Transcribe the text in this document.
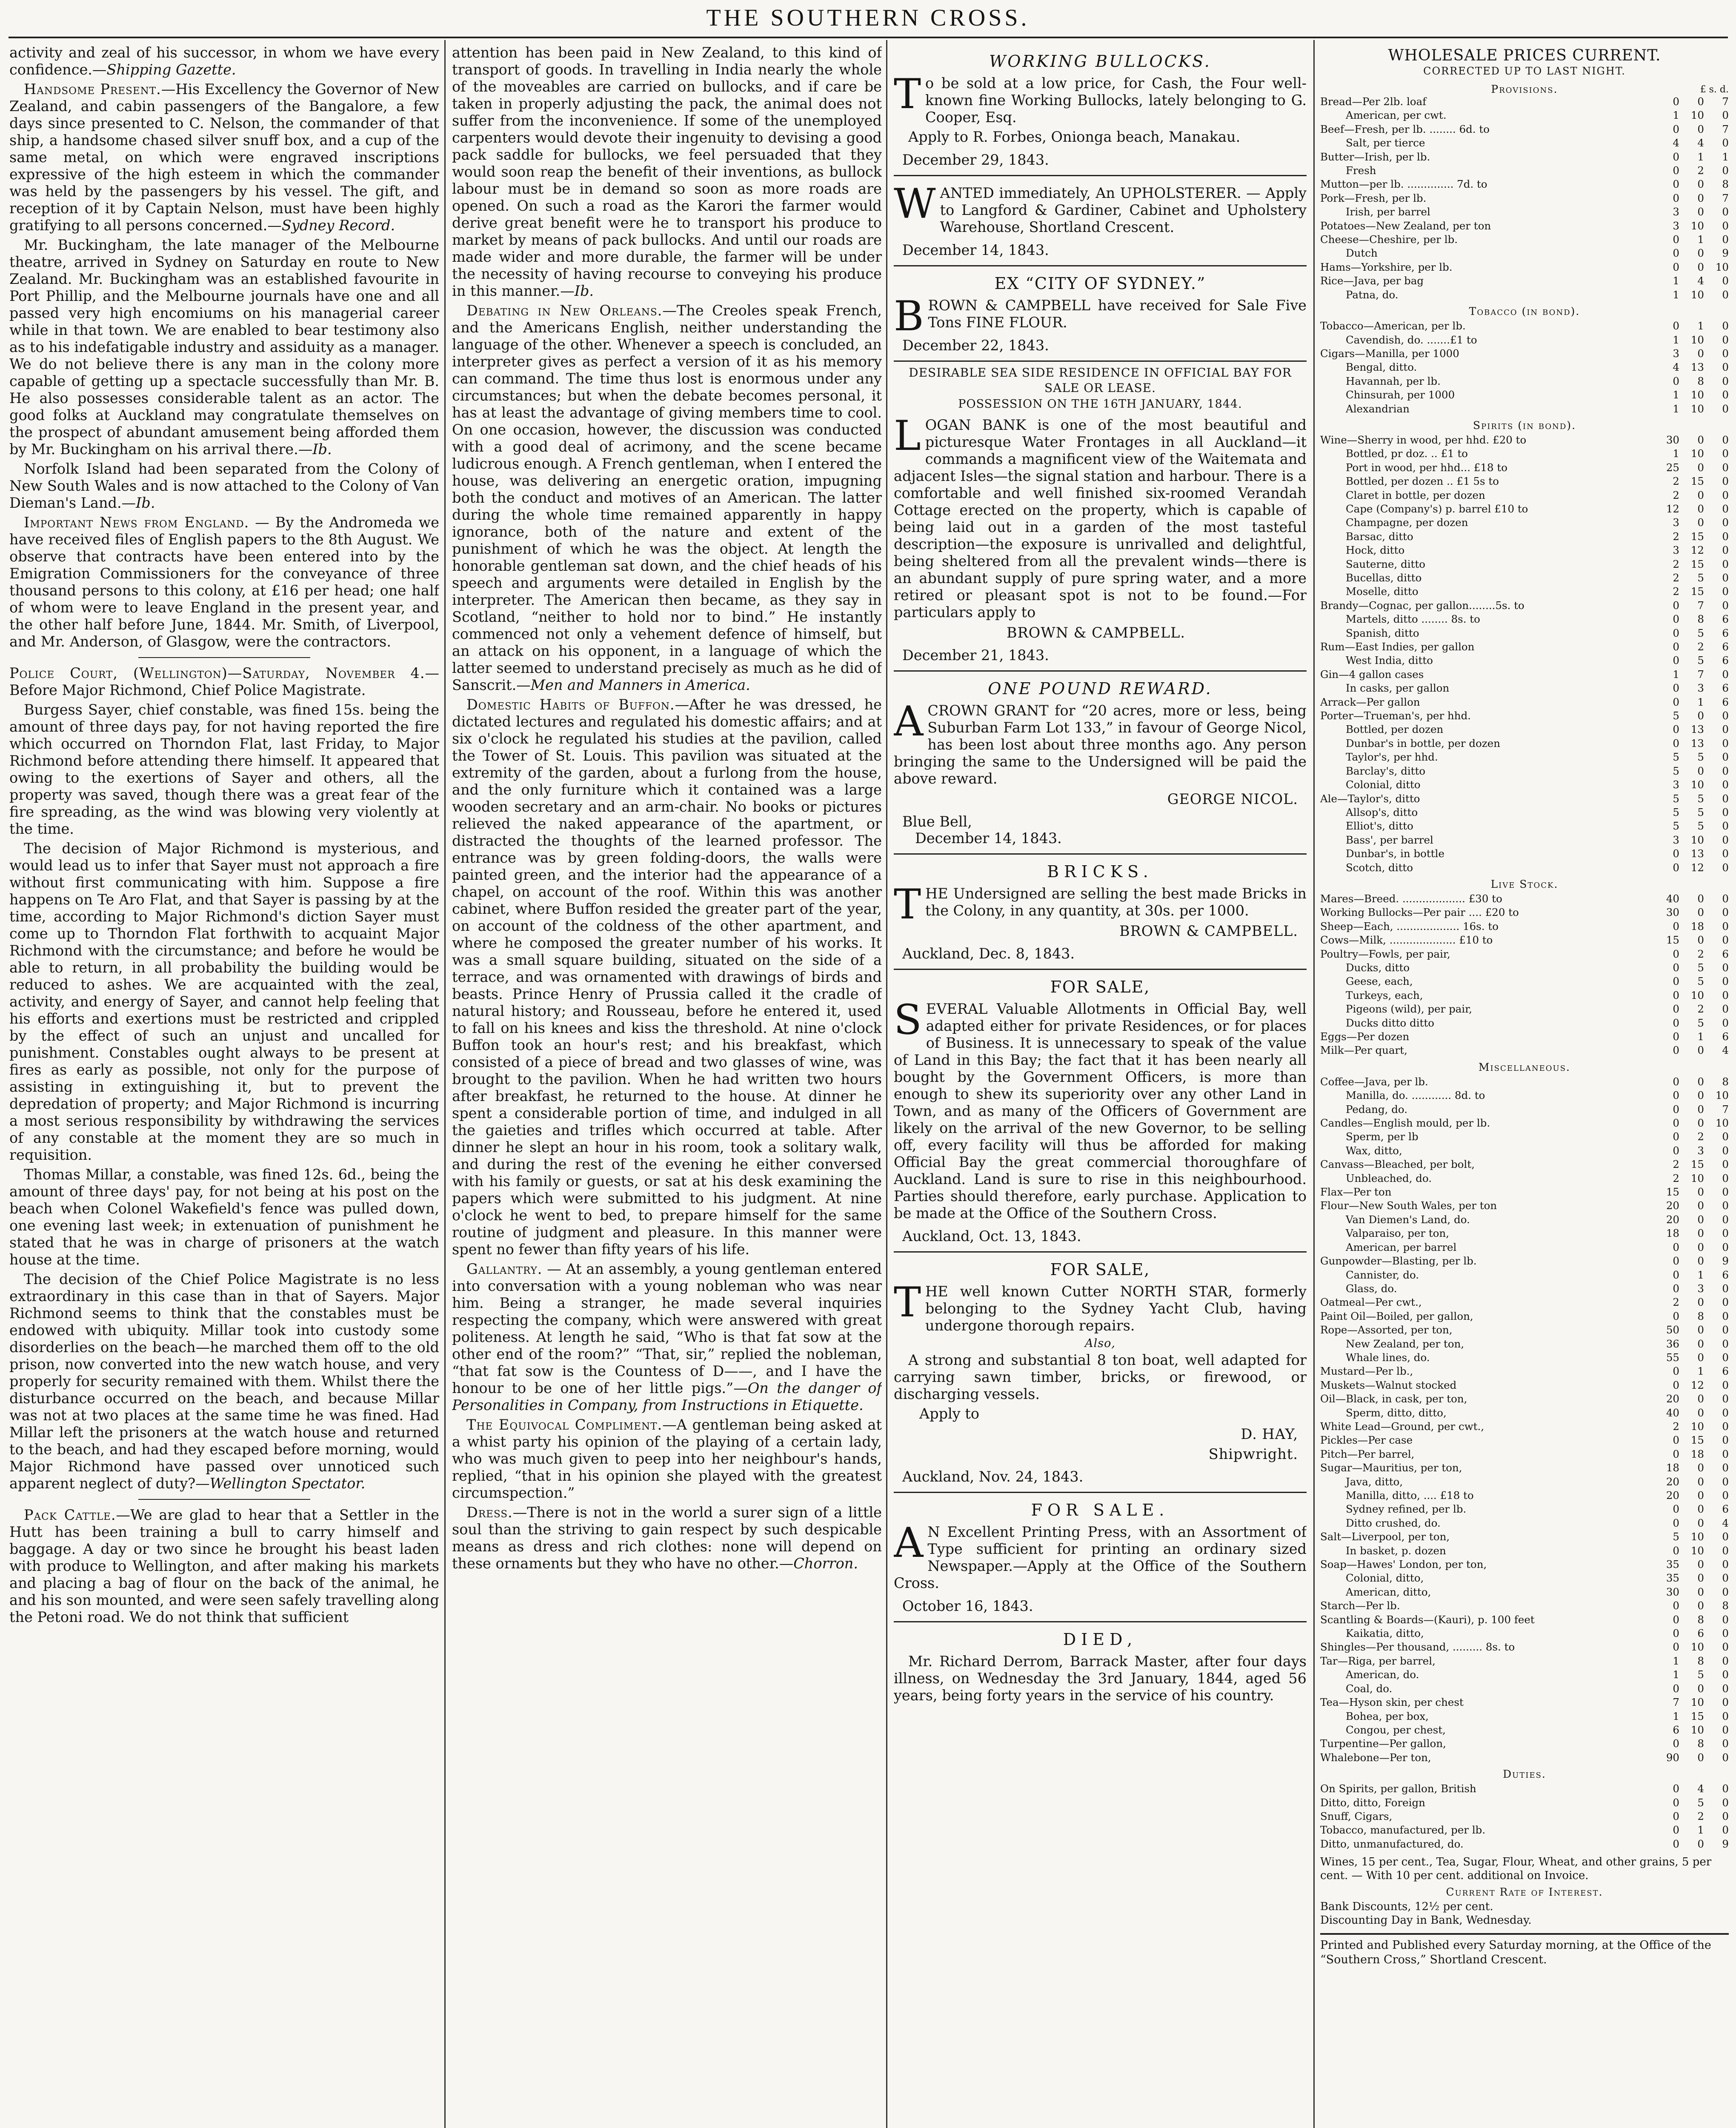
THE SOUTHERN CROSS.

activity and zeal of his successor, in whom we have every confidence.—Shipping Gazette.

Handsome Present.—His Excellency the Governor of New Zealand, and cabin passengers of the Bangalore, a few days since presented to C. Nelson, the commander of that ship, a handsome chased silver snuff box, and a cup of the same metal, on which were engraved inscriptions expressive of the high esteem in which the commander was held by the passengers by his vessel. The gift, and reception of it by Captain Nelson, must have been highly gratifying to all persons concerned.—Sydney Record.

Mr. Buckingham, the late manager of the Melbourne theatre, arrived in Sydney on Saturday en route to New Zealand. Mr. Buckingham was an established favourite in Port Phillip, and the Melbourne journals have one and all passed very high encomiums on his managerial career while in that town. We are enabled to bear testimony also as to his indefatigable industry and assiduity as a manager. We do not believe there is any man in the colony more capable of getting up a spectacle successfully than Mr. B. He also possesses considerable talent as an actor. The good folks at Auckland may congratulate themselves on the prospect of abundant amusement being afforded them by Mr. Buckingham on his arrival there.—Ib.

Norfolk Island had been separated from the Colony of New South Wales and is now attached to the Colony of Van Dieman's Land.—Ib.

Important News from England. — By the Andromeda we have received files of English papers to the 8th August. We observe that contracts have been entered into by the Emigration Commissioners for the conveyance of three thousand persons to this colony, at £16 per head; one half of whom were to leave England in the present year, and the other half before June, 1844. Mr. Smith, of Liverpool, and Mr. Anderson, of Glasgow, were the contractors.

Police Court, (Wellington)—Saturday, November 4.—Before Major Richmond, Chief Police Magistrate.

Burgess Sayer, chief constable, was fined 15s. being the amount of three days pay, for not having reported the fire which occurred on Thorndon Flat, last Friday, to Major Richmond before attending there himself. It appeared that owing to the exertions of Sayer and others, all the property was saved, though there was a great fear of the fire spreading, as the wind was blowing very violently at the time.

The decision of Major Richmond is mysterious, and would lead us to infer that Sayer must not approach a fire without first communicating with him. Suppose a fire happens on Te Aro Flat, and that Sayer is passing by at the time, according to Major Richmond's diction Sayer must come up to Thorndon Flat forthwith to acquaint Major Richmond with the circumstance; and before he would be able to return, in all probability the building would be reduced to ashes. We are acquainted with the zeal, activity, and energy of Sayer, and cannot help feeling that his efforts and exertions must be restricted and crippled by the effect of such an unjust and uncalled for punishment. Constables ought always to be present at fires as early as possible, not only for the purpose of assisting in extinguishing it, but to prevent the depredation of property; and Major Richmond is incurring a most serious responsibility by withdrawing the services of any constable at the moment they are so much in requisition.

Thomas Millar, a constable, was fined 12s. 6d., being the amount of three days' pay, for not being at his post on the beach when Colonel Wakefield's fence was pulled down, one evening last week; in extenuation of punishment he stated that he was in charge of prisoners at the watch house at the time.

The decision of the Chief Police Magistrate is no less extraordinary in this case than in that of Sayers. Major Richmond seems to think that the constables must be endowed with ubiquity. Millar took into custody some disorderlies on the beach—he marched them off to the old prison, now converted into the new watch house, and very properly for security remained with them. Whilst there the disturbance occurred on the beach, and because Millar was not at two places at the same time he was fined. Had Millar left the prisoners at the watch house and returned to the beach, and had they escaped before morning, would Major Richmond have passed over unnoticed such apparent neglect of duty?—Wellington Spectator.

Pack Cattle.—We are glad to hear that a Settler in the Hutt has been training a bull to carry himself and baggage. A day or two since he brought his beast laden with produce to Wellington, and after making his markets and placing a bag of flour on the back of the animal, he and his son mounted, and were seen safely travelling along the Petoni road. We do not think that sufficient

attention has been paid in New Zealand, to this kind of transport of goods. In travelling in India nearly the whole of the moveables are carried on bullocks, and if care be taken in properly adjusting the pack, the animal does not suffer from the inconvenience. If some of the unemployed carpenters would devote their ingenuity to devising a good pack saddle for bullocks, we feel persuaded that they would soon reap the benefit of their inventions, as bullock labour must be in demand so soon as more roads are opened. On such a road as the Karori the farmer would derive great benefit were he to transport his produce to market by means of pack bullocks. And until our roads are made wider and more durable, the farmer will be under the necessity of having recourse to conveying his produce in this manner.—Ib.

Debating in New Orleans.—The Creoles speak French, and the Americans English, neither understanding the language of the other. Whenever a speech is concluded, an interpreter gives as perfect a version of it as his memory can command. The time thus lost is enormous under any circumstances; but when the debate becomes personal, it has at least the advantage of giving members time to cool. On one occasion, however, the discussion was conducted with a good deal of acrimony, and the scene became ludicrous enough. A French gentleman, when I entered the house, was delivering an energetic oration, impugning both the conduct and motives of an American. The latter during the whole time remained apparently in happy ignorance, both of the nature and extent of the punishment of which he was the object. At length the honorable gentleman sat down, and the chief heads of his speech and arguments were detailed in English by the interpreter. The American then became, as they say in Scotland, “neither to hold nor to bind.” He instantly commenced not only a vehement defence of himself, but an attack on his opponent, in a language of which the latter seemed to understand precisely as much as he did of Sanscrit.—Men and Manners in America.

Domestic Habits of Buffon.—After he was dressed, he dictated lectures and regulated his domestic affairs; and at six o'clock he regulated his studies at the pavilion, called the Tower of St. Louis. This pavilion was situated at the extremity of the garden, about a furlong from the house, and the only furniture which it contained was a large wooden secretary and an arm-chair. No books or pictures relieved the naked appearance of the apartment, or distracted the thoughts of the learned professor. The entrance was by green folding-doors, the walls were painted green, and the interior had the appearance of a chapel, on account of the roof. Within this was another cabinet, where Buffon resided the greater part of the year, on account of the coldness of the other apartment, and where he composed the greater number of his works. It was a small square building, situated on the side of a terrace, and was ornamented with drawings of birds and beasts. Prince Henry of Prussia called it the cradle of natural history; and Rousseau, before he entered it, used to fall on his knees and kiss the threshold. At nine o'clock Buffon took an hour's rest; and his breakfast, which consisted of a piece of bread and two glasses of wine, was brought to the pavilion. When he had written two hours after breakfast, he returned to the house. At dinner he spent a considerable portion of time, and indulged in all the gaieties and trifles which occurred at table. After dinner he slept an hour in his room, took a solitary walk, and during the rest of the evening he either conversed with his family or guests, or sat at his desk examining the papers which were submitted to his judgment. At nine o'clock he went to bed, to prepare himself for the same routine of judgment and pleasure. In this manner were spent no fewer than fifty years of his life.

Gallantry. — At an assembly, a young gentleman entered into conversation with a young nobleman who was near him. Being a stranger, he made several inquiries respecting the company, which were answered with great politeness. At length he said, “Who is that fat sow at the other end of the room?” “That, sir,” replied the nobleman, “that fat sow is the Countess of D——, and I have the honour to be one of her little pigs.”—On the danger of Personalities in Company, from Instructions in Etiquette.

The Equivocal Compliment.—A gentleman being asked at a whist party his opinion of the playing of a certain lady, who was much given to peep into her neighbour's hands, replied, “that in his opinion she played with the greatest circumspection.”

Dress.—There is not in the world a surer sign of a little soul than the striving to gain respect by such despicable means as dress and rich clothes: none will depend on these ornaments but they who have no other.—Chorron.

WORKING BULLOCKS.

To be sold at a low price, for Cash, the Four well-known fine Working Bullocks, lately belonging to G. Cooper, Esq.

Apply to R. Forbes, Onionga beach, Manakau.

December 29, 1843.

WANTED immediately, An UPHOLSTERER. — Apply to Langford & Gardiner, Cabinet and Upholstery Warehouse, Shortland Crescent.

December 14, 1843.
EX “CITY OF SYDNEY.”

BROWN & CAMPBELL have received for Sale Five Tons FINE FLOUR.

December 22, 1843.
DESIRABLE SEA SIDE RESIDENCE IN OFFICIAL BAY FOR SALE OR LEASE.
POSSESSION ON THE 16TH JANUARY, 1844.

LOGAN BANK is one of the most beautiful and picturesque Water Frontages in all Auckland—it commands a magnificent view of the Waitemata and adjacent Isles—the signal station and harbour. There is a comfortable and well finished six-roomed Verandah Cottage erected on the property, which is capable of being laid out in a garden of the most tasteful description—the exposure is unrivalled and delightful, being sheltered from all the prevalent winds—there is an abundant supply of pure spring water, and a more retired or pleasant spot is not to be found.—For particulars apply to

BROWN & CAMPBELL.
December 21, 1843.
ONE POUND REWARD.

A CROWN GRANT for “20 acres, more or less, being Suburban Farm Lot 133,” in favour of George Nicol, has been lost about three months ago. Any person bringing the same to the Undersigned will be paid the above reward.

GEORGE NICOL.
Blue Bell,
December 14, 1843.
BRICKS.

THE Undersigned are selling the best made Bricks in the Colony, in any quantity, at 30s. per 1000.

BROWN & CAMPBELL.
Auckland, Dec. 8, 1843.
FOR SALE,

SEVERAL Valuable Allotments in Official Bay, well adapted either for private Residences, or for places of Business. It is unnecessary to speak of the value of Land in this Bay; the fact that it has been nearly all bought by the Government Officers, is more than enough to shew its superiority over any other Land in Town, and as many of the Officers of Government are likely on the arrival of the new Governor, to be selling off, every facility will thus be afforded for making Official Bay the great commercial thoroughfare of Auckland. Land is sure to rise in this neighbourhood. Parties should therefore, early purchase. Application to be made at the Office of the Southern Cross.

Auckland, Oct. 13, 1843.
FOR SALE,

THE well known Cutter NORTH STAR, formerly belonging to the Sydney Yacht Club, having undergone thorough repairs.

Also,

A strong and substantial 8 ton boat, well adapted for carrying sawn timber, bricks, or firewood, or discharging vessels.

Apply to
D. HAY,
Shipwright.
Auckland, Nov. 24, 1843.
FOR SALE.

A N Excellent Printing Press, with an Assortment of Type sufficient for printing an ordinary sized Newspaper.—Apply at the Office of the Southern Cross.

October 16, 1843.
DIED,

Mr. Richard Derrom, Barrack Master, after four days illness, on Wednesday the 3rd January, 1844, aged 56 years, being forty years in the service of his country.

WHOLESALE PRICES CURRENT.
CORRECTED UP TO LAST NIGHT.
Provisions.	£ s. d.
Bread—Per 2lb. loaf	0	0	7
American, per cwt.	1	10	0
Beef—Fresh, per lb. ........ 6d. to	0	0	7
Salt, per tierce	4	4	0
Butter—Irish, per lb.	0	1	1
Fresh	0	2	0
Mutton—per lb. .............. 7d. to	0	0	8
Pork—Fresh, per lb.	0	0	7
Irish, per barrel	3	0	0
Potatoes—New Zealand, per ton	3	10	0
Cheese—Cheshire, per lb.	0	1	0
Dutch	0	0	9
Hams—Yorkshire, per lb.	0	0	10
Rice—Java, per bag	1	4	0
Patna, do.	1	10	0
Tobacco (in bond).
Tobacco—American, per lb.	0	1	0
Cavendish, do. .......£1 to	1	10	0
Cigars—Manilla, per 1000	3	0	0
Bengal, ditto.	4	13	0
Havannah, per lb.	0	8	0
Chinsurah, per 1000	1	10	0
Alexandrian	1	10	0
Spirits (in bond).
Wine—Sherry in wood, per hhd. £20 to	30	0	0
Bottled, pr doz. .. £1 to	1	10	0
Port in wood, per hhd... £18 to	25	0	0
Bottled, per dozen .. £1 5s to	2	15	0
Claret in bottle, per dozen	2	0	0
Cape (Company's) p. barrel £10 to	12	0	0
Champagne, per dozen	3	0	0
Barsac, ditto	2	15	0
Hock, ditto	3	12	0
Sauterne, ditto	2	15	0
Bucellas, ditto	2	5	0
Moselle, ditto	2	15	0
Brandy—Cognac, per gallon........5s. to	0	7	0
Martels, ditto ........ 8s. to	0	8	6
Spanish, ditto	0	5	6
Rum—East Indies, per gallon	0	2	6
West India, ditto	0	5	6
Gin—4 gallon cases	1	7	0
In casks, per gallon	0	3	6
Arrack—Per gallon	0	1	6
Porter—Trueman's, per hhd.	5	0	0
Bottled, per dozen	0	13	0
Dunbar's in bottle, per dozen	0	13	0
Taylor's, per hhd.	5	5	0
Barclay's, ditto	5	0	0
Colonial, ditto	3	10	0
Ale—Taylor's, ditto	5	5	0
Allsop's, ditto	5	5	0
Elliot's, ditto	5	5	0
Bass', per barrel	3	10	0
Dunbar's, in bottle	0	13	0
Scotch, ditto	0	12	0
Live Stock.
Mares—Breed. ................... £30 to	40	0	0
Working Bullocks—Per pair .... £20 to	30	0	0
Sheep—Each, ................... 16s. to	0	18	0
Cows—Milk, .................... £10 to	15	0	0
Poultry—Fowls, per pair,	0	2	6
Ducks, ditto	0	5	0
Geese, each,	0	5	0
Turkeys, each,	0	10	0
Pigeons (wild), per pair,	0	2	0
Ducks ditto ditto	0	5	0
Eggs—Per dozen	0	1	6
Milk—Per quart,	0	0	4
Miscellaneous.
Coffee—Java, per lb.	0	0	8
Manilla, do. ............ 8d. to	0	0	10
Pedang, do.	0	0	7
Candles—English mould, per lb.	0	0	10
Sperm, per lb	0	2	0
Wax, ditto,	0	3	0
Canvass—Bleached, per bolt,	2	15	0
Unbleached, do.	2	10	0
Flax—Per ton	15	0	0
Flour—New South Wales, per ton	20	0	0
Van Diemen's Land, do.	20	0	0
Valparaiso, per ton,	18	0	0
American, per barrel	0	0	0
Gunpowder—Blasting, per lb.	0	0	9
Cannister, do.	0	1	6
Glass, do.	0	3	0
Oatmeal—Per cwt.,	2	0	0
Paint Oil—Boiled, per gallon,	0	8	0
Rope—Assorted, per ton,	50	0	0
New Zealand, per ton,	36	0	0
Whale lines, do.	55	0	0
Mustard—Per lb.,	0	1	6
Muskets—Walnut stocked	0	12	0
Oil—Black, in cask, per ton,	20	0	0
Sperm, ditto, ditto,	40	0	0
White Lead—Ground, per cwt.,	2	10	0
Pickles—Per case	0	15	0
Pitch—Per barrel,	0	18	0
Sugar—Mauritius, per ton,	18	0	0
Java, ditto,	20	0	0
Manilla, ditto, .... £18 to	20	0	0
Sydney refined, per lb.	0	0	6
Ditto crushed, do.	0	0	4
Salt—Liverpool, per ton,	5	10	0
In basket, p. dozen	0	10	0
Soap—Hawes' London, per ton,	35	0	0
Colonial, ditto,	35	0	0
American, ditto,	30	0	0
Starch—Per lb.	0	0	8
Scantling & Boards—(Kauri), p. 100 feet	0	8	0
Kaikatia, ditto,	0	6	0
Shingles—Per thousand, ......... 8s. to	0	10	0
Tar—Riga, per barrel,	1	8	0
American, do.	1	5	0
Coal, do.	0	0	0
Tea—Hyson skin, per chest	7	10	0
Bohea, per box,	1	15	0
Congou, per chest,	6	10	0
Turpentine—Per gallon,	0	8	0
Whalebone—Per ton,	90	0	0
Duties.
On Spirits, per gallon, British	0	4	0
Ditto, ditto, Foreign	0	5	0
Snuff, Cigars,	0	2	0
Tobacco, manufactured, per lb.	0	1	0
Ditto, unmanufactured, do.	0	0	9
Wines, 15 per cent., Tea, Sugar, Flour, Wheat, and other grains, 5 per cent. — With 10 per cent. additional on Invoice.
Current Rate of Interest.
Bank Discounts, 12½ per cent.
Discounting Day in Bank, Wednesday.
Printed and Published every Saturday morning, at the Office of the “Southern Cross,” Shortland Crescent.
